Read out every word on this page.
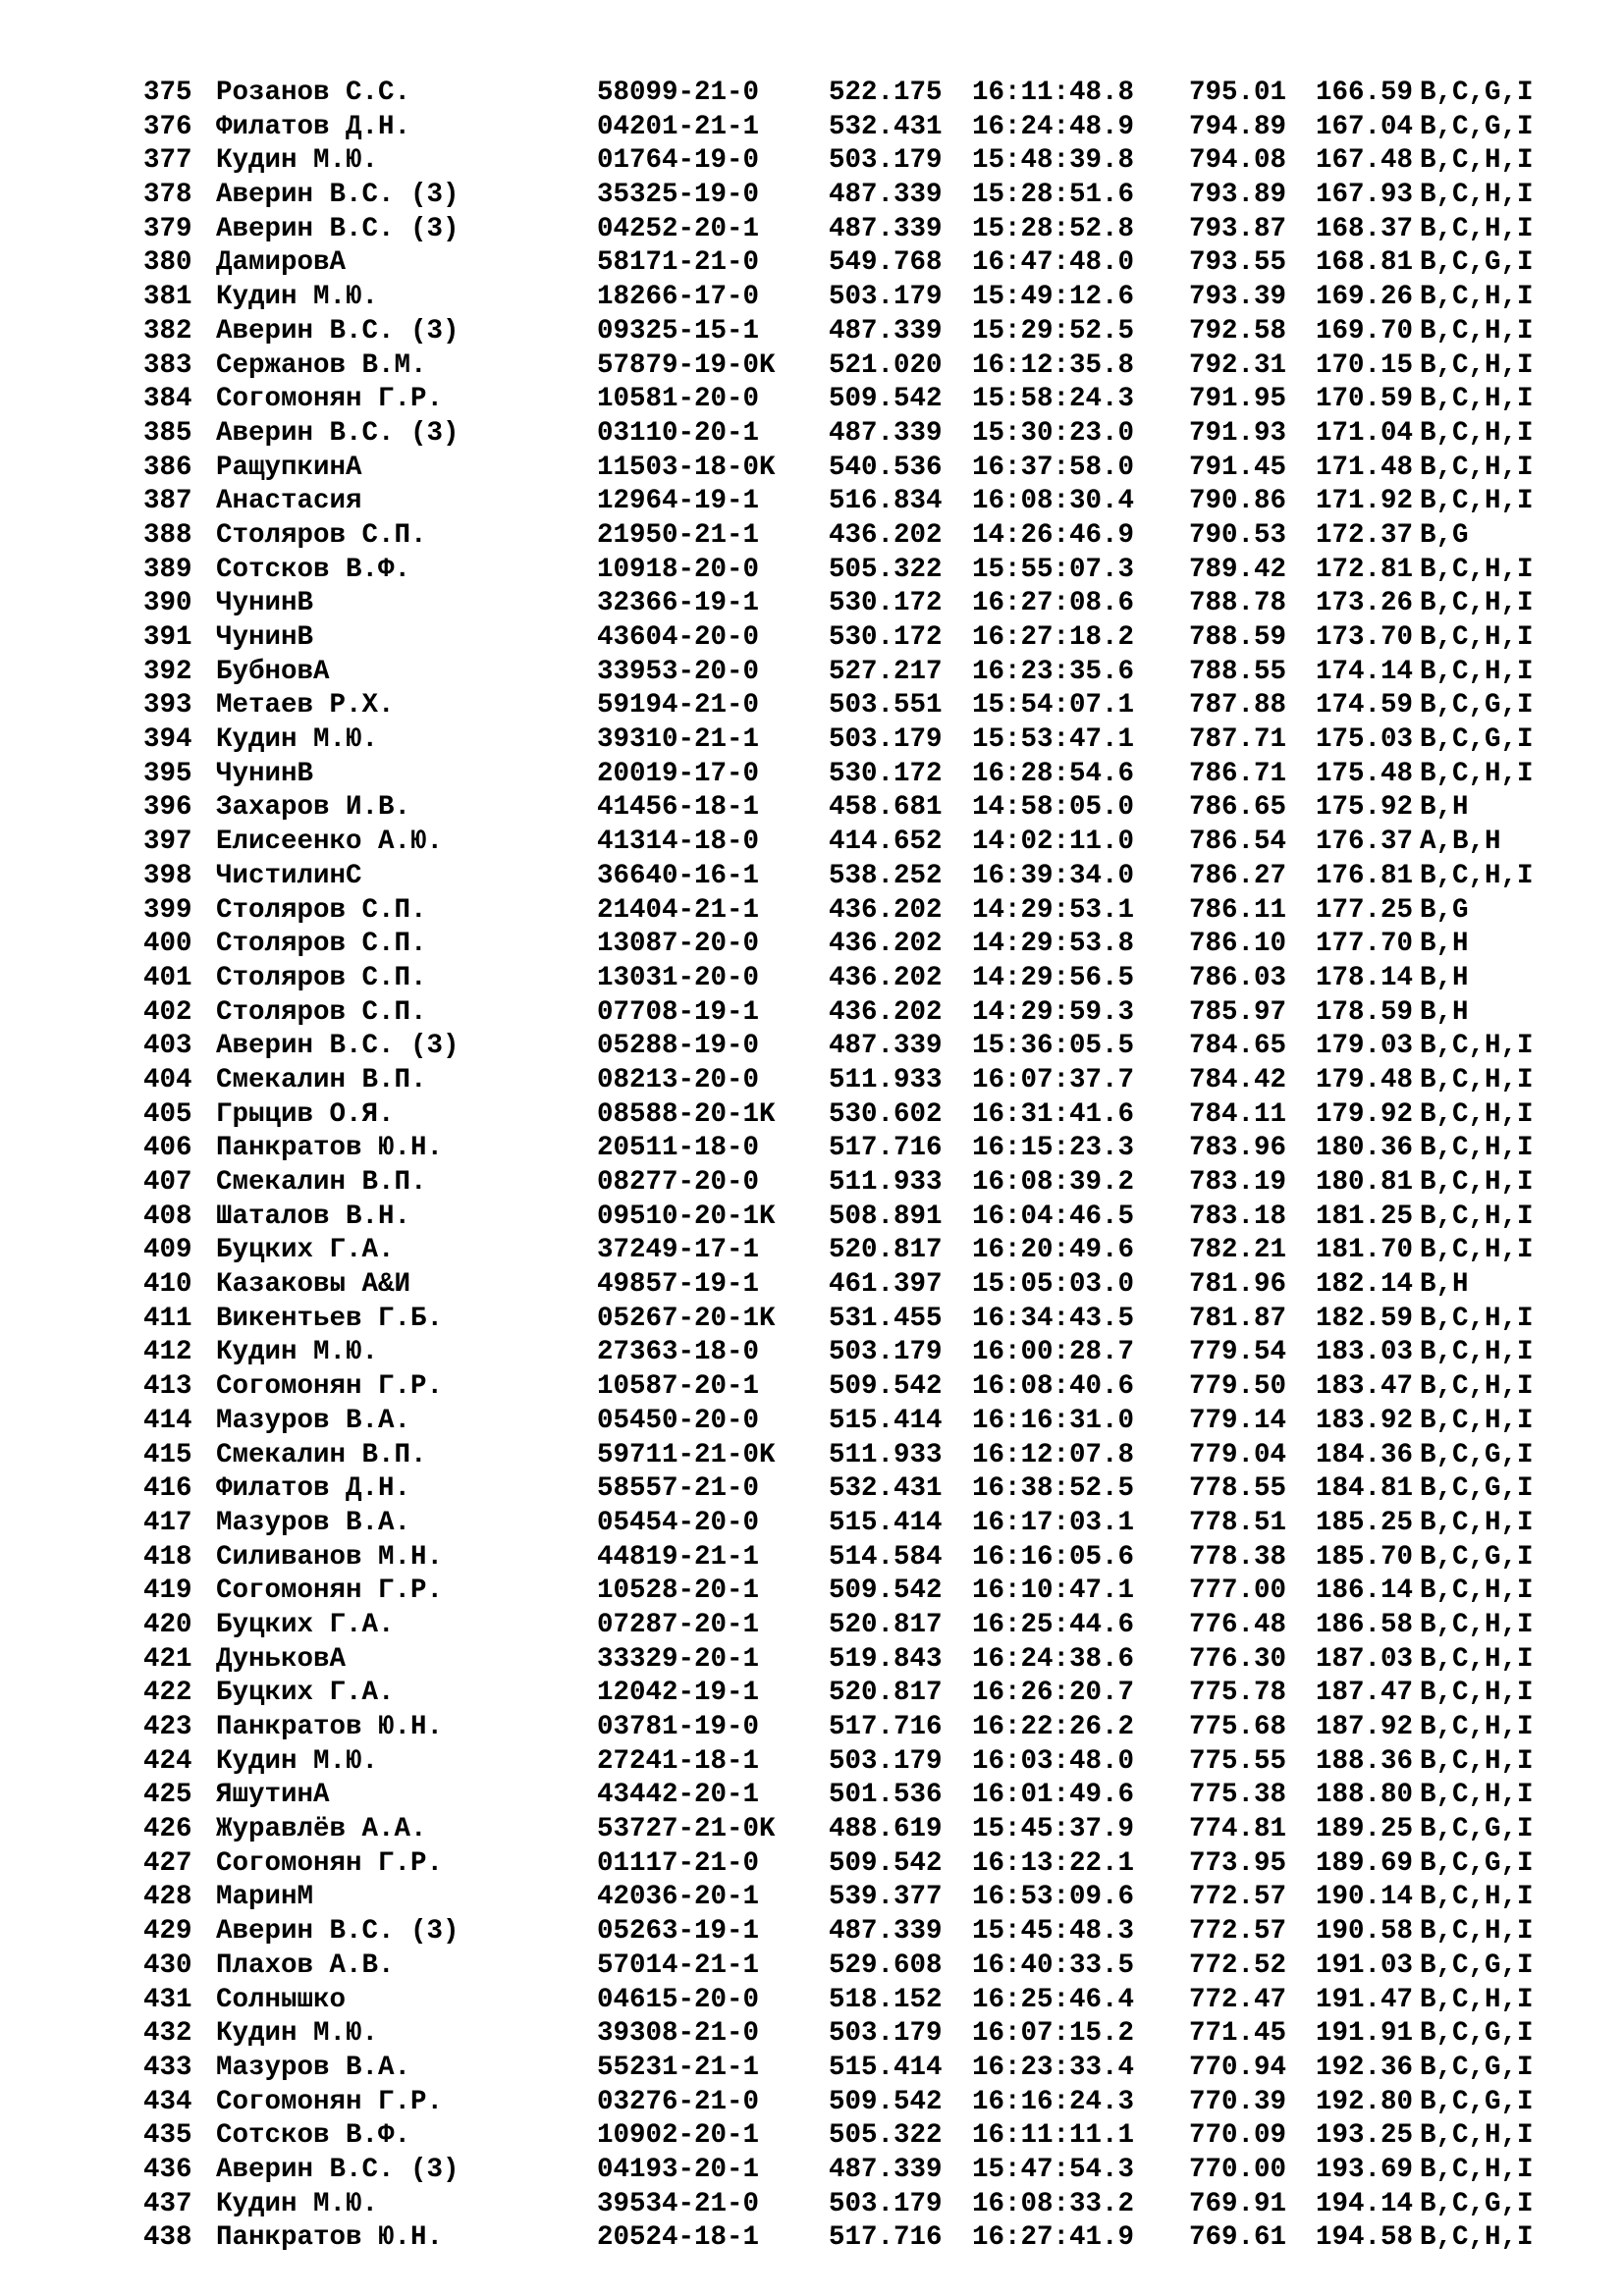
375 Розанов С.С.	58099-21-0	522.175	16:11:48.8	795.01	166.59 B,C,G,I
376 Филатов Д.Н.	04201-21-1	532.431	16:24:48.9	794.89	167.04 B,C,G,I
377 Кудин М.Ю.	01764-19-0	503.179	15:48:39.8	794.08	167.48 B,C,H,I
378 Аверин В.С. (3)	35325-19-0	487.339	15:28:51.6	793.89	167.93 B,C,H,I
379 Аверин В.С. (3)	04252-20-1	487.339	15:28:52.8	793.87	168.37 B,C,H,I
380 ДамировА	58171-21-0	549.768	16:47:48.0	793.55	168.81 B,C,G,I
381 Кудин М.Ю.	18266-17-0	503.179	15:49:12.6	793.39	169.26 B,C,H,I
382 Аверин В.С. (3)	09325-15-1	487.339	15:29:52.5	792.58	169.70 B,C,H,I
383 Сержанов В.М.	57879-19-0K	521.020	16:12:35.8	792.31	170.15 B,C,H,I
384 Согомонян Г.Р.	10581-20-0	509.542	15:58:24.3	791.95	170.59 B,C,H,I
385 Аверин В.С. (3)	03110-20-1	487.339	15:30:23.0	791.93	171.04 B,C,H,I
386 РащупкинА	11503-18-0K	540.536	16:37:58.0	791.45	171.48 B,C,H,I
387 Анастасия	12964-19-1	516.834	16:08:30.4	790.86	171.92 B,C,H,I
388 Столяров С.П.	21950-21-1	436.202	14:26:46.9	790.53	172.37 B,G
389 Сотсков В.Ф.	10918-20-0	505.322	15:55:07.3	789.42	172.81 B,C,H,I
390 ЧунинВ	32366-19-1	530.172	16:27:08.6	788.78	173.26 B,C,H,I
391 ЧунинВ	43604-20-0	530.172	16:27:18.2	788.59	173.70 B,C,H,I
392 БубновА	33953-20-0	527.217	16:23:35.6	788.55	174.14 B,C,H,I
393 Метаев Р.Х.	59194-21-0	503.551	15:54:07.1	787.88	174.59 B,C,G,I
394 Кудин М.Ю.	39310-21-1	503.179	15:53:47.1	787.71	175.03 B,C,G,I
395 ЧунинВ	20019-17-0	530.172	16:28:54.6	786.71	175.48 B,C,H,I
396 Захаров И.В.	41456-18-1	458.681	14:58:05.0	786.65	175.92 B,H
397 Елисеенко А.Ю.	41314-18-0	414.652	14:02:11.0	786.54	176.37 A,B,H
398 ЧистилинС	36640-16-1	538.252	16:39:34.0	786.27	176.81 B,C,H,I
399 Столяров С.П.	21404-21-1	436.202	14:29:53.1	786.11	177.25 B,G
400 Столяров С.П.	13087-20-0	436.202	14:29:53.8	786.10	177.70 B,H
401 Столяров С.П.	13031-20-0	436.202	14:29:56.5	786.03	178.14 B,H
402 Столяров С.П.	07708-19-1	436.202	14:29:59.3	785.97	178.59 B,H
403 Аверин В.С. (3)	05288-19-0	487.339	15:36:05.5	784.65	179.03 B,C,H,I
404 Смекалин В.П.	08213-20-0	511.933	16:07:37.7	784.42	179.48 B,C,H,I
405 Грыцив О.Я.	08588-20-1K	530.602	16:31:41.6	784.11	179.92 B,C,H,I
406 Панкратов Ю.Н.	20511-18-0	517.716	16:15:23.3	783.96	180.36 B,C,H,I
407 Смекалин В.П.	08277-20-0	511.933	16:08:39.2	783.19	180.81 B,C,H,I
408 Шаталов В.Н.	09510-20-1K	508.891	16:04:46.5	783.18	181.25 B,C,H,I
409 Буцких Г.А.	37249-17-1	520.817	16:20:49.6	782.21	181.70 B,C,H,I
410 Казаковы А&И	49857-19-1	461.397	15:05:03.0	781.96	182.14 B,H
411 Викентьев Г.Б.	05267-20-1K	531.455	16:34:43.5	781.87	182.59 B,C,H,I
412 Кудин М.Ю.	27363-18-0	503.179	16:00:28.7	779.54	183.03 B,C,H,I
413 Согомонян Г.Р.	10587-20-1	509.542	16:08:40.6	779.50	183.47 B,C,H,I
414 Мазуров В.А.	05450-20-0	515.414	16:16:31.0	779.14	183.92 B,C,H,I
415 Смекалин В.П.	59711-21-0K	511.933	16:12:07.8	779.04	184.36 B,C,G,I
416 Филатов Д.Н.	58557-21-0	532.431	16:38:52.5	778.55	184.81 B,C,G,I
417 Мазуров В.А.	05454-20-0	515.414	16:17:03.1	778.51	185.25 B,C,H,I
418 Силиванов М.Н.	44819-21-1	514.584	16:16:05.6	778.38	185.70 B,C,G,I
419 Согомонян Г.Р.	10528-20-1	509.542	16:10:47.1	777.00	186.14 B,C,H,I
420 Буцких Г.А.	07287-20-1	520.817	16:25:44.6	776.48	186.58 B,C,H,I
421 ДуньковА	33329-20-1	519.843	16:24:38.6	776.30	187.03 B,C,H,I
422 Буцких Г.А.	12042-19-1	520.817	16:26:20.7	775.78	187.47 B,C,H,I
423 Панкратов Ю.Н.	03781-19-0	517.716	16:22:26.2	775.68	187.92 B,C,H,I
424 Кудин М.Ю.	27241-18-1	503.179	16:03:48.0	775.55	188.36 B,C,H,I
425 ЯшутинА	43442-20-1	501.536	16:01:49.6	775.38	188.80 B,C,H,I
426 Журавлёв А.А.	53727-21-0K	488.619	15:45:37.9	774.81	189.25 B,C,G,I
427 Согомонян Г.Р.	01117-21-0	509.542	16:13:22.1	773.95	189.69 B,C,G,I
428 МаринМ	42036-20-1	539.377	16:53:09.6	772.57	190.14 B,C,H,I
429 Аверин В.С. (3)	05263-19-1	487.339	15:45:48.3	772.57	190.58 B,C,H,I
430 Плахов А.В.	57014-21-1	529.608	16:40:33.5	772.52	191.03 B,C,G,I
431 Солнышко	04615-20-0	518.152	16:25:46.4	772.47	191.47 B,C,H,I
432 Кудин М.Ю.	39308-21-0	503.179	16:07:15.2	771.45	191.91 B,C,G,I
433 Мазуров В.А.	55231-21-1	515.414	16:23:33.4	770.94	192.36 B,C,G,I
434 Согомонян Г.Р.	03276-21-0	509.542	16:16:24.3	770.39	192.80 B,C,G,I
435 Сотсков В.Ф.	10902-20-1	505.322	16:11:11.1	770.09	193.25 B,C,H,I
436 Аверин В.С. (3)	04193-20-1	487.339	15:47:54.3	770.00	193.69 B,C,H,I
437 Кудин М.Ю.	39534-21-0	503.179	16:08:33.2	769.91	194.14 B,C,G,I
438 Панкратов Ю.Н.	20524-18-1	517.716	16:27:41.9	769.61	194.58 B,C,H,I
